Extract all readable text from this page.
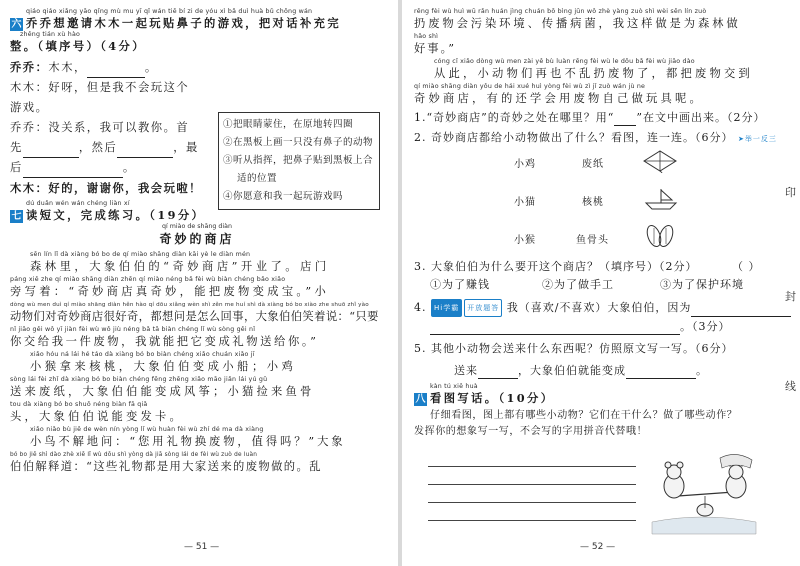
qiáo qiáo xiǎng yāo qǐng mù mu yī qǐ wán tiē bí zi de yóu xì bǎ duì huà bǔ chōng wán
六 乔乔想邀请木木一起玩贴鼻子的游戏，把对话补充完
zhěng tián xù hào
整。（填序号）（4分）
乔乔：木木，	。
木木：好呀，但是我不会玩这个
游戏。
乔乔：没关系，我可以教你。首
先	，然后	，最
后	。
木木：好的，谢谢你，我会玩啦！
①把眼睛蒙住，在原地转四圈
②在黑板上画一只没有鼻子的动物
③听从指挥，把鼻子贴到黑板上合
适的位置
④你愿意和我一起玩游戏吗
dú duǎn wén wán chéng liàn xí
七 读短文，完成练习。（19分）
qí miào de shāng diàn
奇妙的商店
sēn lín lǐ dà xiàng bó bo de qí miào shāng diàn kāi yè le diàn mén
森林里，大象伯伯的“奇妙商店”开业了。店门
páng xiě zhe qí miào shāng diàn zhēn qí miào néng bǎ fèi wù biàn chéng bǎo xiǎo
旁写着：“奇妙商店真奇妙，能把废物变成宝。”小
dòng wù men duì qí miào shāng diàn hěn hào qí dōu xiǎng wèn shì zěn me huí shì dà xiàng bó bo xiào zhe shuō zhǐ yào
动物们对奇妙商店很好奇，都想问是怎么回事，大象伯伯笑着说：“只要
nǐ jiāo gěi wǒ yī jiàn fèi wù wǒ jiù néng bǎ tā biàn chéng lǐ wù sòng gěi nǐ
你交给我一件废物，我就能把它变成礼物送给你。”
xiǎo hóu ná lái hé táo dà xiàng bó bo biàn chéng xiǎo chuán xiǎo jī
小猴拿来核桃，大象伯伯变成小船；小鸡
sòng lái fèi zhǐ dà xiàng bó bo biàn chéng fēng zhēng xiǎo māo jiǎn lái yú gǔ
送来废纸，大象伯伯能变成风筝；小猫捡来鱼骨
tou dà xiàng bó bo shuō néng biàn fā qiǎ
头，大象伯伯说能变发卡。
xiǎo niǎo bù jiě de wèn nín yòng lǐ wù huàn fèi wù zhí dé ma dà xiàng
小鸟不解地问：“您用礼物换废物，值得吗？”大象
bó bo jiě shì dào zhè xiē lǐ wù dōu shì yòng dà jiā sòng lái de fèi wù zuò de luàn
伯伯解释道：“这些礼物都是用大家送来的废物做的。乱
— 51 —
rēng fèi wù huì wū rǎn huán jìng chuán bō bìng jūn wǒ zhè yàng zuò shì wèi sēn lín zuò
扔废物会污染环境、传播病菌，我这样做是为森林做
hǎo shì
好事。”
cóng cǐ xiǎo dòng wù men zài yě bù luàn rēng fèi wù le dōu bǎ fèi wù jiāo dào
从此，小动物们再也不乱扔废物了，都把废物交到
qí miào shāng diàn yǒu de hái xué huì yòng fèi wù zì jǐ zuò wán jù ne
奇妙商店，有的还学会用废物自己做玩具呢。
1.“奇妙商店”的奇妙之处在哪里？用“ ”在文中画出来。（2分）
2. 奇妙商店都给小动物做出了什么？看图，连一连。（6分） ➤举一反三
小鸡	废纸
小猫	核桃
小猴	鱼骨头
3. 大象伯伯为什么要开这个商店？（填序号）（2分）	（ ）
①为了赚钱	②为了做手工	③为了保护环境
4. Hi学霸 开放题答 我（喜欢/不喜欢）大象伯伯，因为
。（3分）
5. 其他小动物会送来什么东西呢？仿照原文写一写。（6分）
送来	，大象伯伯就能变成	。
kàn tú xiě huà
八 看图写话。（10分）
仔细看图，图上都有哪些小动物？它们在干什么？做了哪些动作？
发挥你的想象写一写，不会写的字用拼音代替哦！
— 52 —
印
封
线
